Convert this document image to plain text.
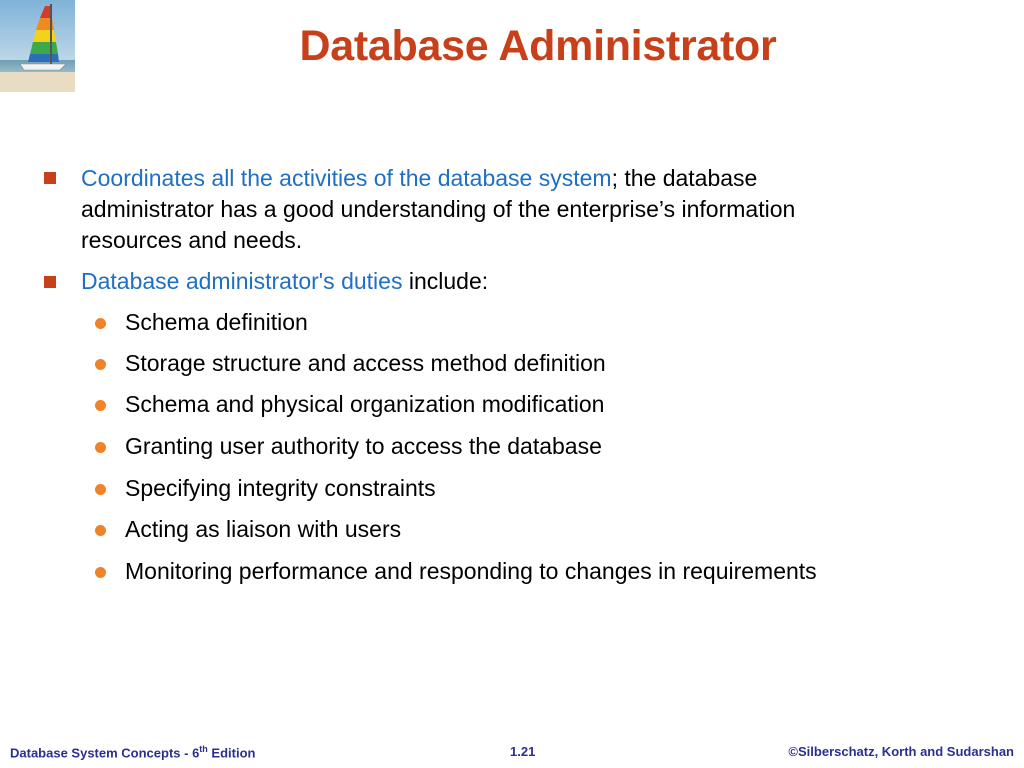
Database Administrator
Coordinates all the activities of the database system; the database
administrator has a good understanding of the enterprise’s information
resources and needs.
Database administrator's duties include:
Schema definition
Storage structure and access method definition
Schema and physical organization modification
Granting user authority to access the database
Specifying integrity constraints
Acting as liaison with users
Monitoring performance and responding to changes in requirements
Database System Concepts - 6th Edition	1.21	©Silberschatz, Korth and Sudarshan
